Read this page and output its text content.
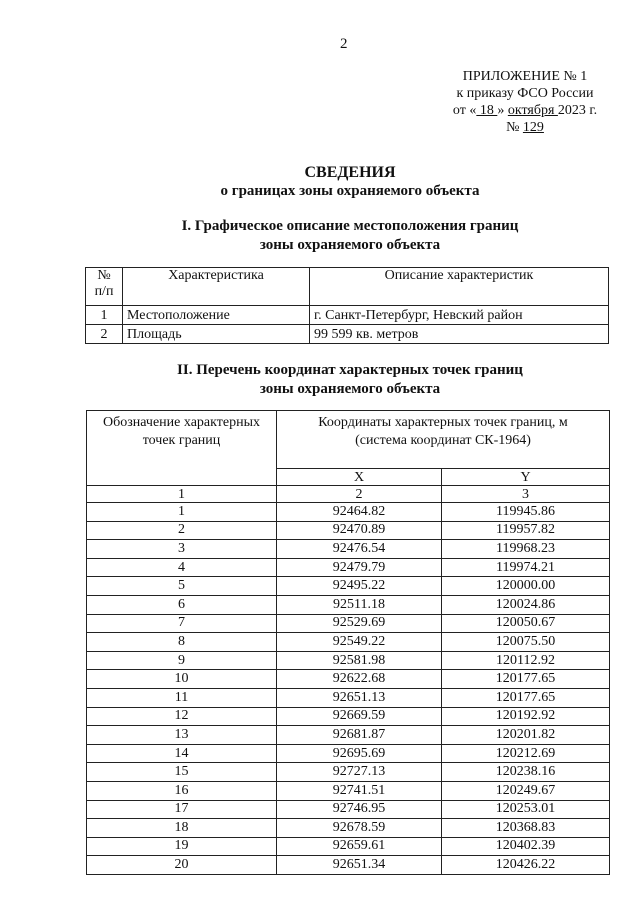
2
ПРИЛОЖЕНИЕ № 1
к приказу ФСО России
от « 18 » октября 2023 г.
№ 129
СВЕДЕНИЯ
о границах зоны охраняемого объекта
I. Графическое описание местоположения границ
зоны охраняемого объекта
№
п/п	Характеристика	Описание характеристик
1	Местоположение	г. Санкт-Петербург, Невский район
2	Площадь	99 599 кв. метров
II. Перечень координат характерных точек границ
зоны охраняемого объекта
Обозначение характерных
точек границ

Координаты характерных точек границ, м
(система координат СК-1964)

	X	Y
1	2	3
1	92464.82	119945.86
2	92470.89	119957.82
3	92476.54	119968.23
4	92479.79	119974.21
5	92495.22	120000.00
6	92511.18	120024.86
7	92529.69	120050.67
8	92549.22	120075.50
9	92581.98	120112.92
10	92622.68	120177.65
11	92651.13	120177.65
12	92669.59	120192.92
13	92681.87	120201.82
14	92695.69	120212.69
15	92727.13	120238.16
16	92741.51	120249.67
17	92746.95	120253.01
18	92678.59	120368.83
19	92659.61	120402.39
20	92651.34	120426.22
